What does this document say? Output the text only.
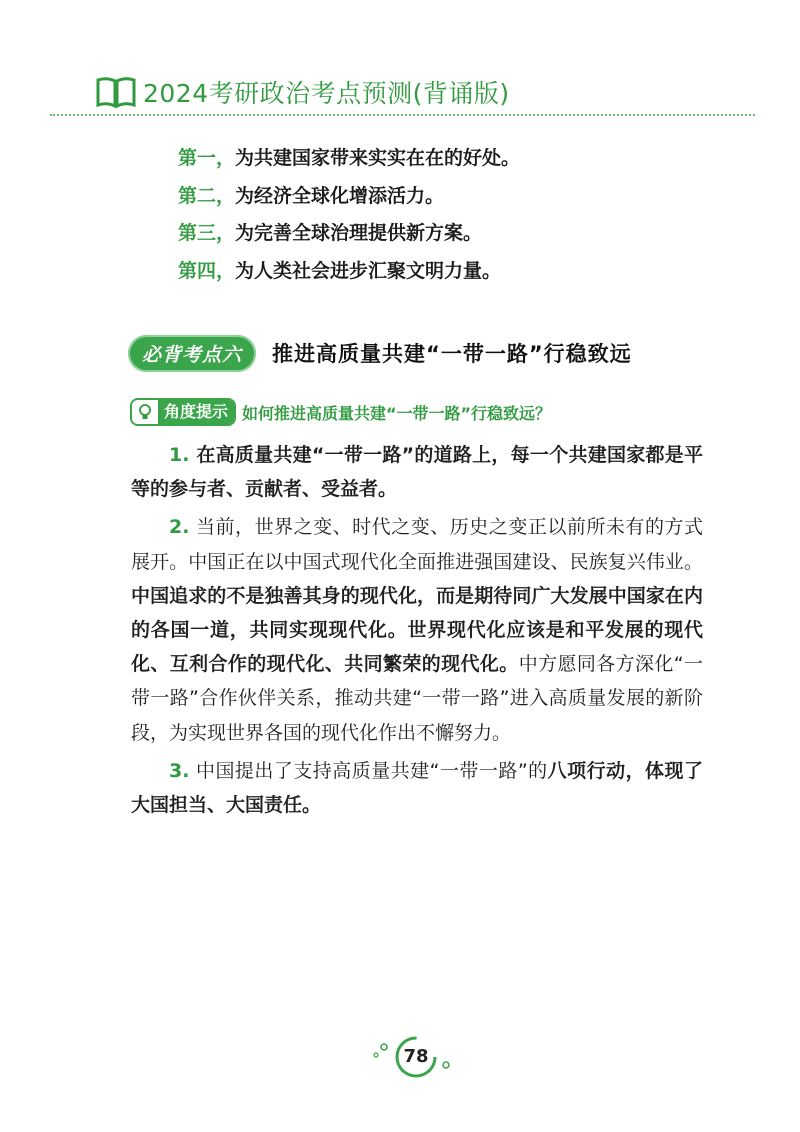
2024考研政治考点预测(背诵版)
第一，为共建国家带来实实在在的好处。
第二，为经济全球化增添活力。
第三，为完善全球治理提供新方案。
第四，为人类社会进步汇聚文明力量。
必背考点六	推进高质量共建“一带一路”行稳致远
角度提示 如何推进高质量共建“一带一路”行稳致远？

1. 在高质量共建“一带一路”的道路上，每一个共建国家都是平等的参与者、贡献者、受益者。

2. 当前，世界之变、时代之变、历史之变正以前所未有的方式展开。中国正在以中国式现代化全面推进强国建设、民族复兴伟业。中国追求的不是独善其身的现代化，而是期待同广大发展中国家在内的各国一道，共同实现现代化。世界现代化应该是和平发展的现代化、互利合作的现代化、共同繁荣的现代化。中方愿同各方深化“一带一路”合作伙伴关系，推动共建“一带一路”进入高质量发展的新阶段，为实现世界各国的现代化作出不懈努力。

3. 中国提出了支持高质量共建“一带一路”的八项行动，体现了大国担当、大国责任。

78
